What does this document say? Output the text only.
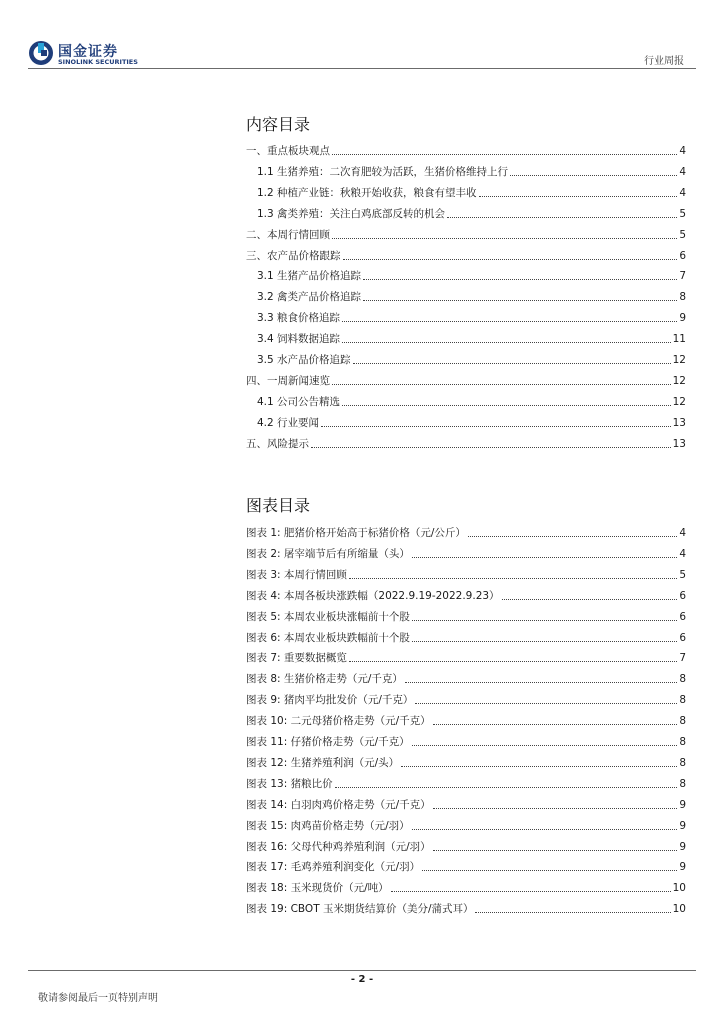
国金证券
SINOLINK SECURITIES	行业周报
内容目录
一、重点板块观点	4
1.1 生猪养殖：二次育肥较为活跃，生猪价格维持上行	4
1.2 种植产业链：秋粮开始收获，粮食有望丰收	4
1.3 禽类养殖：关注白鸡底部反转的机会	5
二、本周行情回顾	5
三、农产品价格跟踪	6
3.1 生猪产品价格追踪	7
3.2 禽类产品价格追踪	8
3.3 粮食价格追踪	9
3.4 饲料数据追踪	11
3.5 水产品价格追踪	12
四、一周新闻速览	12
4.1 公司公告精选	12
4.2 行业要闻	13
五、风险提示	13
图表目录
图表 1: 肥猪价格开始高于标猪价格（元/公斤）	4
图表 2: 屠宰端节后有所缩量（头）	4
图表 3: 本周行情回顾	5
图表 4: 本周各板块涨跌幅（2022.9.19-2022.9.23）	6
图表 5: 本周农业板块涨幅前十个股	6
图表 6: 本周农业板块跌幅前十个股	6
图表 7: 重要数据概览	7
图表 8: 生猪价格走势（元/千克）	8
图表 9: 猪肉平均批发价（元/千克）	8
图表 10: 二元母猪价格走势（元/千克）	8
图表 11: 仔猪价格走势（元/千克）	8
图表 12: 生猪养殖利润（元/头）	8
图表 13: 猪粮比价	8
图表 14: 白羽肉鸡价格走势（元/千克）	9
图表 15: 肉鸡苗价格走势（元/羽）	9
图表 16: 父母代种鸡养殖利润（元/羽）	9
图表 17: 毛鸡养殖利润变化（元/羽）	9
图表 18: 玉米现货价（元/吨）	10
图表 19: CBOT 玉米期货结算价（美分/蒲式耳）	10
- 2 -
敬请参阅最后一页特别声明
